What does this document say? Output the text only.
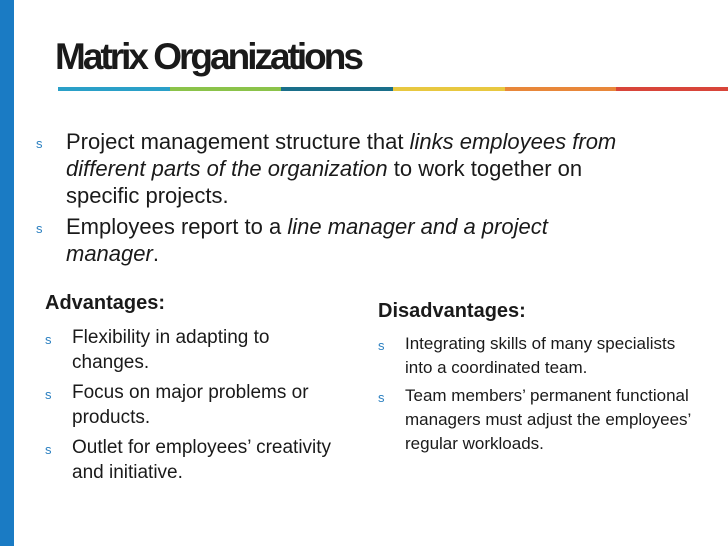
Matrix Organizations
s Project management structure that links employees from different parts of the organization to work together on specific projects.
s Employees report to a line manager and a project manager.
Advantages:
s Flexibility in adapting to changes.
s Focus on major problems or products.
s Outlet for employees’ creativity and initiative.
Disadvantages:
s Integrating skills of many specialists into a coordinated team.
s Team members’ permanent functional managers must adjust the employees’ regular workloads.
